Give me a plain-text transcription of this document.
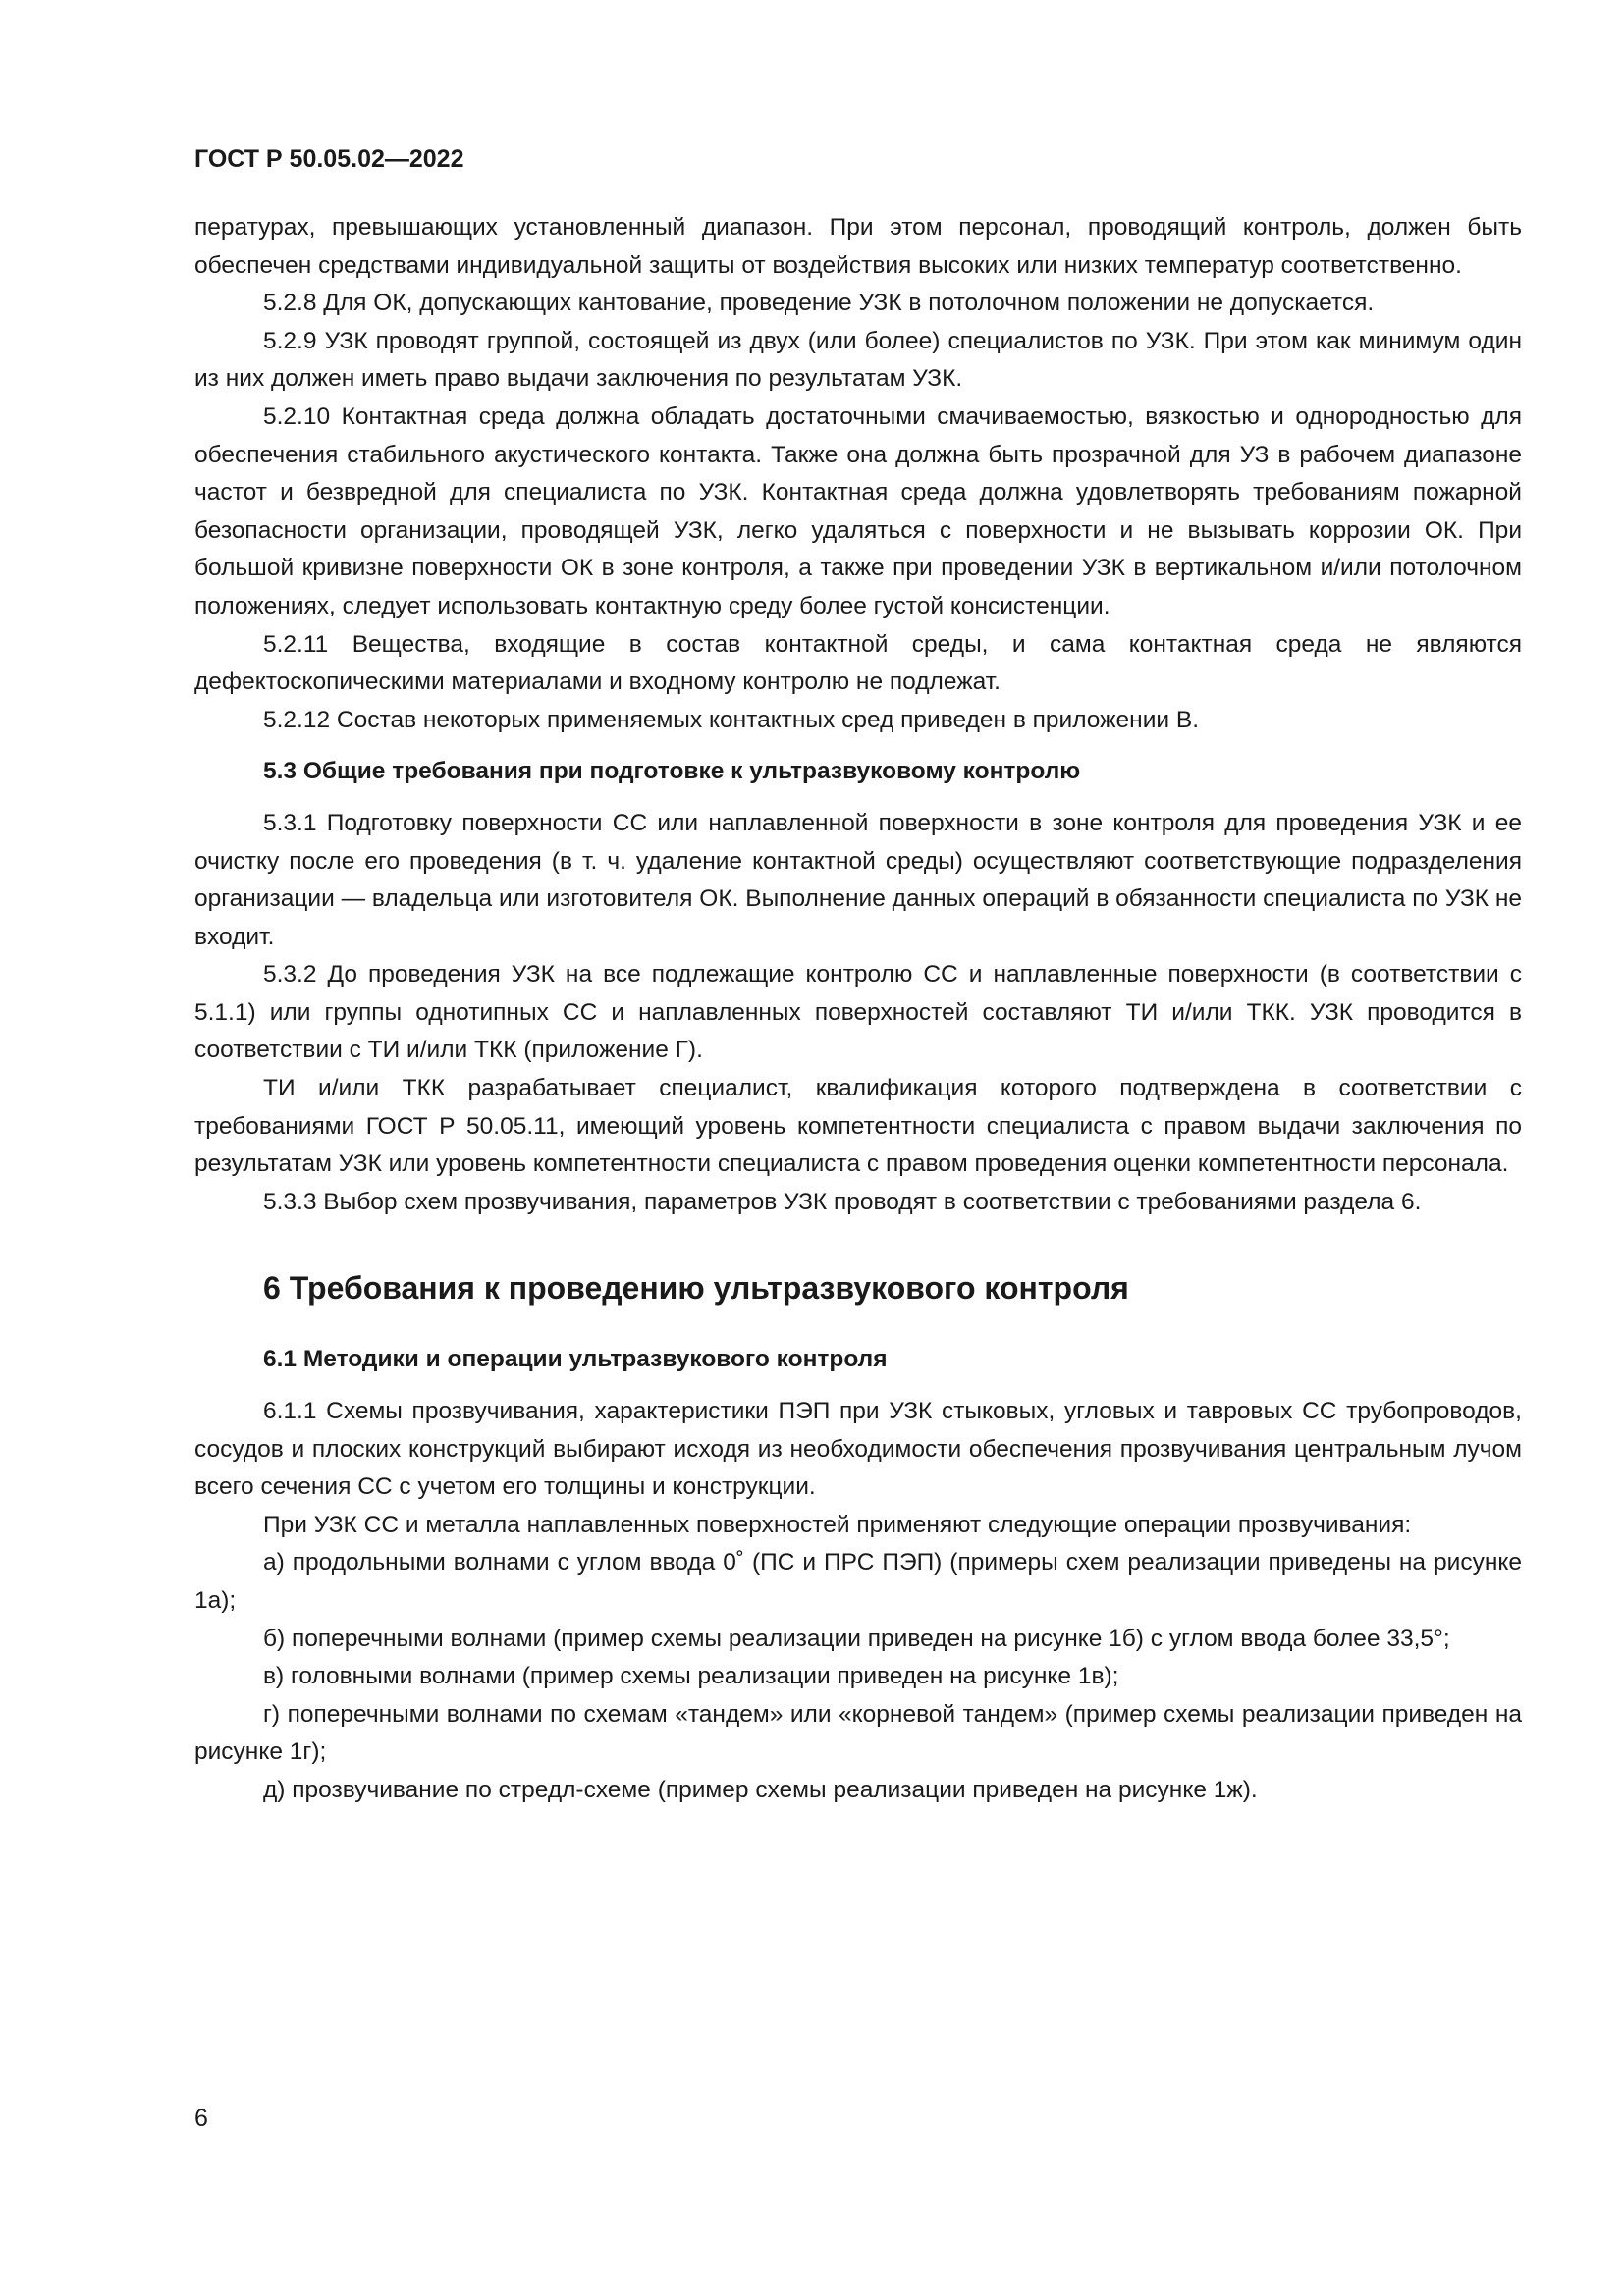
ГОСТ Р 50.05.02—2022

пературах, превышающих установленный диапазон. При этом персонал, проводящий контроль, должен быть обеспечен средствами индивидуальной защиты от воздействия высоких или низких температур соответственно.

5.2.8 Для ОК, допускающих кантование, проведение УЗК в потолочном положении не допускается.

5.2.9 УЗК проводят группой, состоящей из двух (или более) специалистов по УЗК. При этом как минимум один из них должен иметь право выдачи заключения по результатам УЗК.

5.2.10 Контактная среда должна обладать достаточными смачиваемостью, вязкостью и однородностью для обеспечения стабильного акустического контакта. Также она должна быть прозрачной для УЗ в рабочем диапазоне частот и безвредной для специалиста по УЗК. Контактная среда должна удовлетворять требованиям пожарной безопасности организации, проводящей УЗК, легко удаляться с поверхности и не вызывать коррозии ОК. При большой кривизне поверхности ОК в зоне контроля, а также при проведении УЗК в вертикальном и/или потолочном положениях, следует использовать контактную среду более густой консистенции.

5.2.11 Вещества, входящие в состав контактной среды, и сама контактная среда не являются дефектоскопическими материалами и входному контролю не подлежат.

5.2.12 Состав некоторых применяемых контактных сред приведен в приложении В.

5.3 Общие требования при подготовке к ультразвуковому контролю

5.3.1 Подготовку поверхности СС или наплавленной поверхности в зоне контроля для проведения УЗК и ее очистку после его проведения (в т. ч. удаление контактной среды) осуществляют соответствующие подразделения организации — владельца или изготовителя ОК. Выполнение данных операций в обязанности специалиста по УЗК не входит.

5.3.2 До проведения УЗК на все подлежащие контролю СС и наплавленные поверхности (в соответствии с 5.1.1) или группы однотипных СС и наплавленных поверхностей составляют ТИ и/или ТКК. УЗК проводится в соответствии с ТИ и/или ТКК (приложение Г).

ТИ и/или ТКК разрабатывает специалист, квалификация которого подтверждена в соответствии с требованиями ГОСТ Р 50.05.11, имеющий уровень компетентности специалиста с правом выдачи заключения по результатам УЗК или уровень компетентности специалиста с правом проведения оценки компетентности персонала.

5.3.3 Выбор схем прозвучивания, параметров УЗК проводят в соответствии с требованиями раздела 6.

6 Требования к проведению ультразвукового контроля
6.1 Методики и операции ультразвукового контроля

6.1.1 Схемы прозвучивания, характеристики ПЭП при УЗК стыковых, угловых и тавровых СС трубопроводов, сосудов и плоских конструкций выбирают исходя из необходимости обеспечения прозвучивания центральным лучом всего сечения СС с учетом его толщины и конструкции.

При УЗК СС и металла наплавленных поверхностей применяют следующие операции прозвучивания:

а) продольными волнами с углом ввода 0˚ (ПС и ПРС ПЭП) (примеры схем реализации приведены на рисунке 1а);

б) поперечными волнами (пример схемы реализации приведен на рисунке 1б) с углом ввода более 33,5°;

в) головными волнами (пример схемы реализации приведен на рисунке 1в);

г) поперечными волнами по схемам «тандем» или «корневой тандем» (пример схемы реализации приведен на рисунке 1г);

д) прозвучивание по стредл-схеме (пример схемы реализации приведен на рисунке 1ж).

6
